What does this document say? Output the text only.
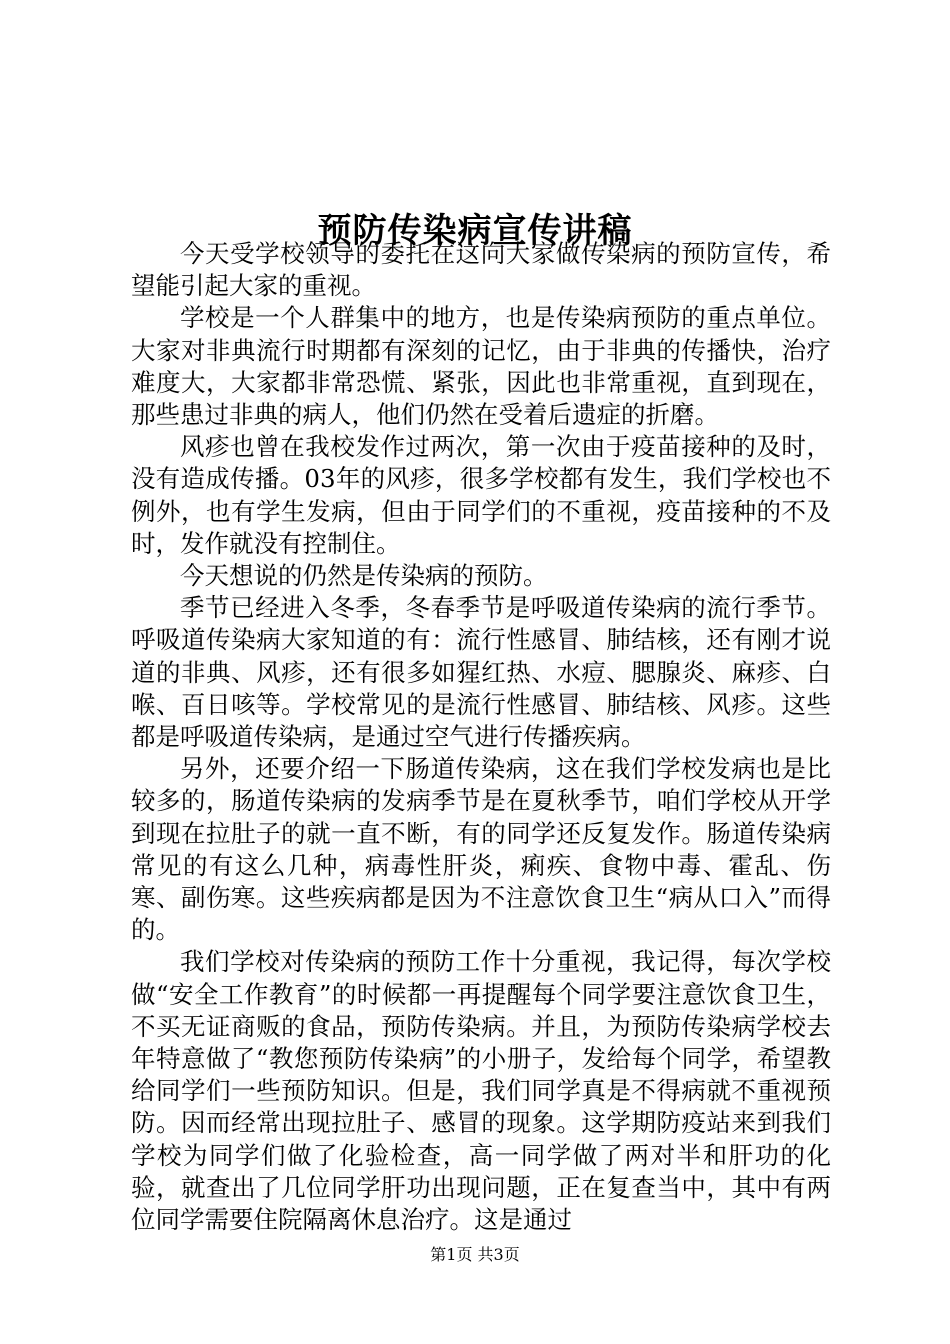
预防传染病宣传讲稿

今天受学校领导的委托在这向大家做传染病的预防宣传，希望能引起大家的重视。

学校是一个人群集中的地方，也是传染病预防的重点单位。大家对非典流行时期都有深刻的记忆，由于非典的传播快，治疗难度大，大家都非常恐慌、紧张，因此也非常重视，直到现在，那些患过非典的病人，他们仍然在受着后遗症的折磨。

风疹也曾在我校发作过两次，第一次由于疫苗接种的及时，没有造成传播。03年的风疹，很多学校都有发生，我们学校也不例外，也有学生发病，但由于同学们的不重视，疫苗接种的不及时，发作就没有控制住。

今天想说的仍然是传染病的预防。

季节已经进入冬季，冬春季节是呼吸道传染病的流行季节。呼吸道传染病大家知道的有：流行性感冒、肺结核，还有刚才说道的非典、风疹，还有很多如猩红热、水痘、腮腺炎、麻疹、白喉、百日咳等。学校常见的是流行性感冒、肺结核、风疹。这些都是呼吸道传染病，是通过空气进行传播疾病。

另外，还要介绍一下肠道传染病，这在我们学校发病也是比较多的，肠道传染病的发病季节是在夏秋季节，咱们学校从开学到现在拉肚子的就一直不断，有的同学还反复发作。肠道传染病常见的有这么几种，病毒性肝炎，痢疾、食物中毒、霍乱、伤寒、副伤寒。这些疾病都是因为不注意饮食卫生“病从口入”而得的。

我们学校对传染病的预防工作十分重视，我记得，每次学校做“安全工作教育”的时候都一再提醒每个同学要注意饮食卫生，不买无证商贩的食品，预防传染病。并且，为预防传染病学校去年特意做了“教您预防传染病”的小册子，发给每个同学，希望教给同学们一些预防知识。但是，我们同学真是不得病就不重视预防。因而经常出现拉肚子、感冒的现象。这学期防疫站来到我们学校为同学们做了化验检查，高一同学做了两对半和肝功的化验，就查出了几位同学肝功出现问题，正在复查当中，其中有两位同学需要住院隔离休息治疗。这是通过

第1页 共3页
